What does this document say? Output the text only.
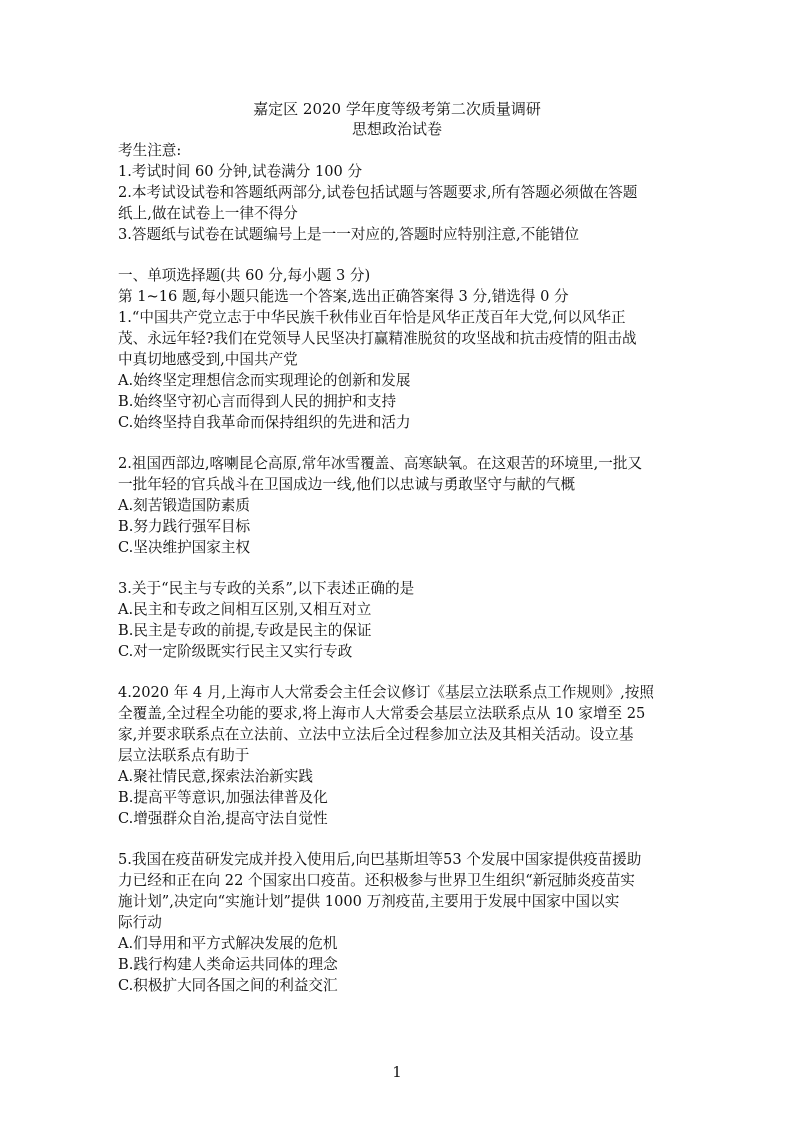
嘉定区 2020 学年度等级考第二次质量调研
思想政治试卷
考生注意:
1.考试时间 60 分钟,试卷满分 100 分
2.本考试设试卷和答题纸两部分,试卷包括试题与答题要求,所有答题必须做在答题
纸上,做在试卷上一律不得分
3.答题纸与试卷在试题编号上是一一对应的,答题时应特别注意,不能错位
一、单项选择题(共 60 分,每小题 3 分)
第 1~16 题,每小题只能选一个答案,选出正确答案得 3 分,错选得 0 分
1.“中国共产党立志于中华民族千秋伟业百年恰是风华正茂百年大党,何以风华正
茂、永远年轻?我们在党领导人民坚决打赢精准脱贫的攻坚战和抗击疫情的阻击战
中真切地感受到,中国共产党
A.始终坚定理想信念而实现理论的创新和发展
B.始终坚守初心言而得到人民的拥护和支持
C.始终坚持自我革命而保持组织的先进和活力
2.祖国西部边,喀喇昆仑高原,常年冰雪覆盖、高寒缺氧。在这艰苦的环境里,一批又
一批年轻的官兵战斗在卫国成边一线,他们以忠诚与勇敢坚守与献的气概
A.刻苦锻造国防素质
B.努力践行强军目标
C.坚决维护国家主权
3.关于“民主与专政的关系”,以下表述正确的是
A.民主和专政之间相互区别,又相互对立
B.民主是专政的前提,专政是民主的保证
C.对一定阶级既实行民主又实行专政
4.2020 年 4 月,上海市人大常委会主任会议修订《基层立法联系点工作规则》,按照
全覆盖,全过程全功能的要求,将上海市人大常委会基层立法联系点从 10 家增至 25
家,并要求联系点在立法前、立法中立法后全过程参加立法及其相关活动。设立基
层立法联系点有助于
A.聚社情民意,探索法治新实践
B.提高平等意识,加强法律普及化
C.增强群众自治,提高守法自觉性
5.我国在疫苗研发完成并投入使用后,向巴基斯坦等53 个发展中国家提供疫苗援助
力已经和正在向 22 个国家出口疫苗。还积极参与世界卫生组织“新冠肺炎疫苗实
施计划”,决定向“实施计划”提供 1000 万剂疫苗,主要用于发展中国家中国以实
际行动
A.们导用和平方式解决发展的危机
B.践行构建人类命运共同体的理念
C.积极扩大同各国之间的利益交汇
1
